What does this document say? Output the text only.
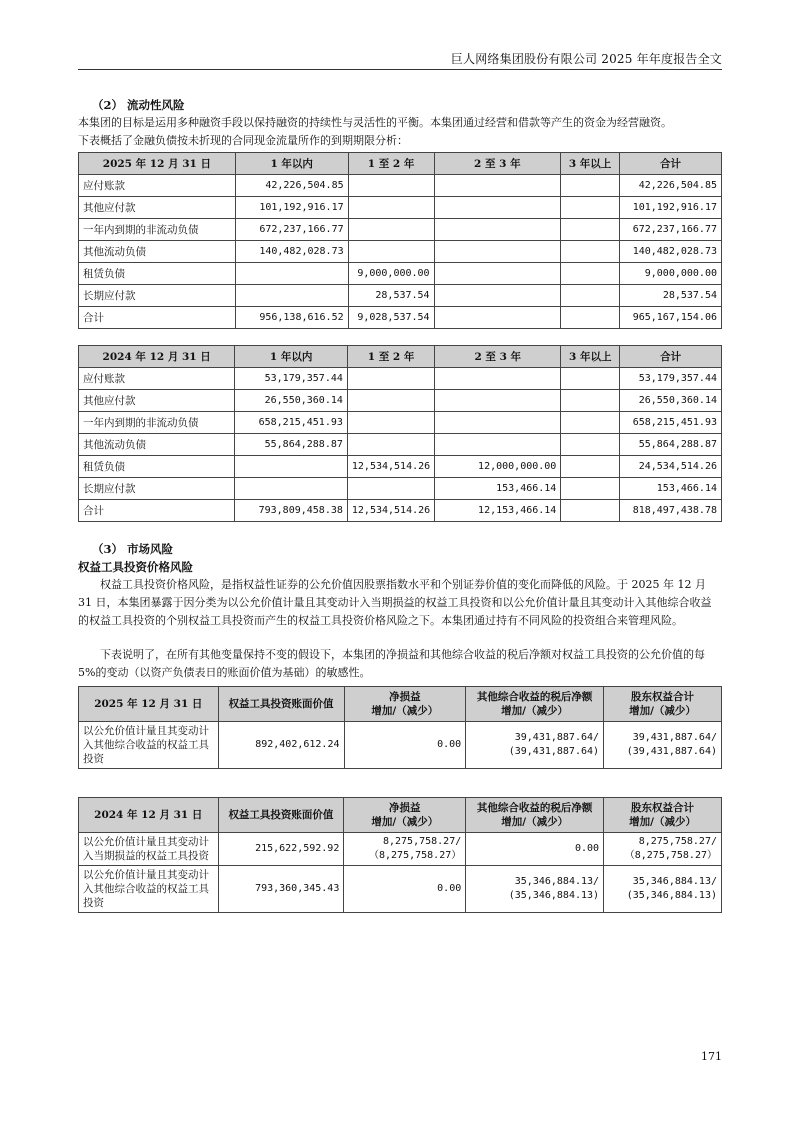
巨人网络集团股份有限公司 2025 年年度报告全文
（2） 流动性风险

本集团的目标是运用多种融资手段以保持融资的持续性与灵活性的平衡。本集团通过经营和借款等产生的资金为经营融资。

下表概括了金融负债按未折现的合同现金流量所作的到期期限分析：

2025 年 12 月 31 日	1 年以内	1 至 2 年	2 至 3 年	3 年以上	合计
应付账款	42,226,504.85				42,226,504.85
其他应付款	101,192,916.17				101,192,916.17
一年内到期的非流动负债	672,237,166.77				672,237,166.77
其他流动负债	140,482,028.73				140,482,028.73
租赁负债		9,000,000.00			9,000,000.00
长期应付款		28,537.54			28,537.54
合计	956,138,616.52	9,028,537.54			965,167,154.06
2024 年 12 月 31 日	1 年以内	1 至 2 年	2 至 3 年	3 年以上	合计
应付账款	53,179,357.44				53,179,357.44
其他应付款	26,550,360.14				26,550,360.14
一年内到期的非流动负债	658,215,451.93				658,215,451.93
其他流动负债	55,864,288.87				55,864,288.87
租赁负债		12,534,514.26	12,000,000.00		24,534,514.26
长期应付款			153,466.14		153,466.14
合计	793,809,458.38	12,534,514.26	12,153,466.14		818,497,438.78
（3） 市场风险
权益工具投资价格风险

权益工具投资价格风险，是指权益性证券的公允价值因股票指数水平和个别证券价值的变化而降低的风险。于 2025 年 12 月 31 日，本集团暴露于因分类为以公允价值计量且其变动计入当期损益的权益工具投资和以公允价值计量且其变动计入其他综合收益的权益工具投资的个别权益工具投资而产生的权益工具投资价格风险之下。本集团通过持有不同风险的投资组合来管理风险。

下表说明了，在所有其他变量保持不变的假设下，本集团的净损益和其他综合收益的税后净额对权益工具投资的公允价值的每 5%的变动（以资产负债表日的账面价值为基础）的敏感性。

2025 年 12 月 31 日	权益工具投资账面价值	净损益
增加/（减少）	其他综合收益的税后净额
增加/（减少）	股东权益合计
增加/（减少）
以公允价值计量且其变动计入其他综合收益的权益工具投资	892,402,612.24	0.00	39,431,887.64/
(39,431,887.64)	39,431,887.64/
(39,431,887.64)
2024 年 12 月 31 日	权益工具投资账面价值	净损益
增加/（减少）	其他综合收益的税后净额
增加/（减少）	股东权益合计
增加/（减少）
以公允价值计量且其变动计入当期损益的权益工具投资	215,622,592.92	8,275,758.27/
（8,275,758.27）	0.00	8,275,758.27/
（8,275,758.27）
以公允价值计量且其变动计入其他综合收益的权益工具投资	793,360,345.43	0.00	35,346,884.13/
(35,346,884.13)	35,346,884.13/
(35,346,884.13)
171
